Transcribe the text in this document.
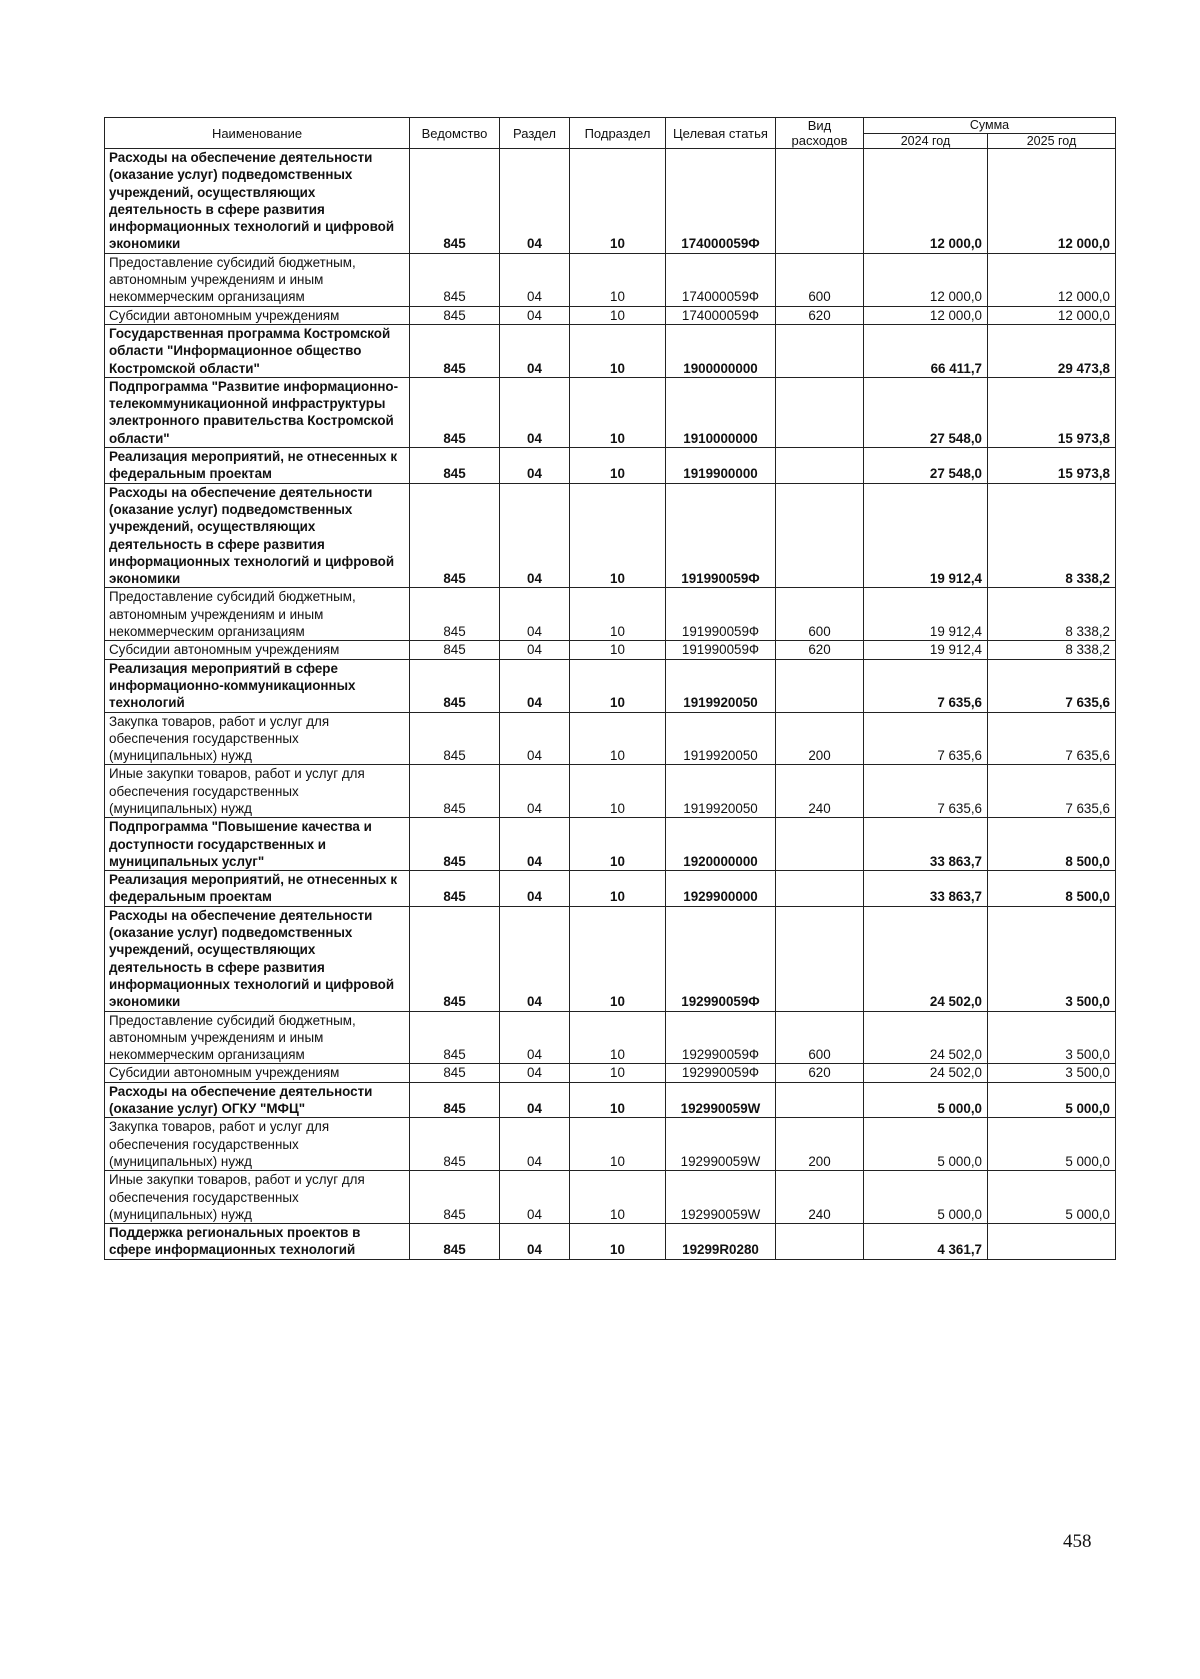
Наименование	Ведомство	Раздел	Подраздел	Целевая статья	Вид расходов	Сумма	
						2024 год	2025 год
Расходы на обеспечение деятельности (оказание услуг) подведомственных учреждений, осуществляющих деятельность в сфере развития информационных технологий и цифровой экономики	845	04	10	174000059Ф		12 000,0	12 000,0
Предоставление субсидий бюджетным, автономным учреждениям и иным некоммерческим организациям	845	04	10	174000059Ф	600	12 000,0	12 000,0
Субсидии автономным учреждениям	845	04	10	174000059Ф	620	12 000,0	12 000,0
Государственная программа Костромской области "Информационное общество Костромской области"	845	04	10	1900000000		66 411,7	29 473,8
Подпрограмма "Развитие информационно-телекоммуникационной инфраструктуры электронного правительства Костромской области"	845	04	10	1910000000		27 548,0	15 973,8
Реализация мероприятий, не отнесенных к федеральным проектам	845	04	10	1919900000		27 548,0	15 973,8
Расходы на обеспечение деятельности (оказание услуг) подведомственных учреждений, осуществляющих деятельность в сфере развития информационных технологий и цифровой экономики	845	04	10	191990059Ф		19 912,4	8 338,2
Предоставление субсидий бюджетным, автономным учреждениям и иным некоммерческим организациям	845	04	10	191990059Ф	600	19 912,4	8 338,2
Субсидии автономным учреждениям	845	04	10	191990059Ф	620	19 912,4	8 338,2
Реализация мероприятий в сфере информационно-коммуникационных технологий	845	04	10	1919920050		7 635,6	7 635,6
Закупка товаров, работ и услуг для обеспечения государственных (муниципальных) нужд	845	04	10	1919920050	200	7 635,6	7 635,6
Иные закупки товаров, работ и услуг для обеспечения государственных (муниципальных) нужд	845	04	10	1919920050	240	7 635,6	7 635,6
Подпрограмма "Повышение качества и доступности государственных и муниципальных услуг"	845	04	10	1920000000		33 863,7	8 500,0
Реализация мероприятий, не отнесенных к федеральным проектам	845	04	10	1929900000		33 863,7	8 500,0
Расходы на обеспечение деятельности (оказание услуг) подведомственных учреждений, осуществляющих деятельность в сфере развития информационных технологий и цифровой экономики	845	04	10	192990059Ф		24 502,0	3 500,0
Предоставление субсидий бюджетным, автономным учреждениям и иным некоммерческим организациям	845	04	10	192990059Ф	600	24 502,0	3 500,0
Субсидии автономным учреждениям	845	04	10	192990059Ф	620	24 502,0	3 500,0
Расходы на обеспечение деятельности (оказание услуг) ОГКУ "МФЦ"	845	04	10	192990059W		5 000,0	5 000,0
Закупка товаров, работ и услуг для обеспечения государственных (муниципальных) нужд	845	04	10	192990059W	200	5 000,0	5 000,0
Иные закупки товаров, работ и услуг для обеспечения государственных (муниципальных) нужд	845	04	10	192990059W	240	5 000,0	5 000,0
Поддержка региональных проектов в сфере информационных технологий	845	04	10	19299R0280		4 361,7	
458
